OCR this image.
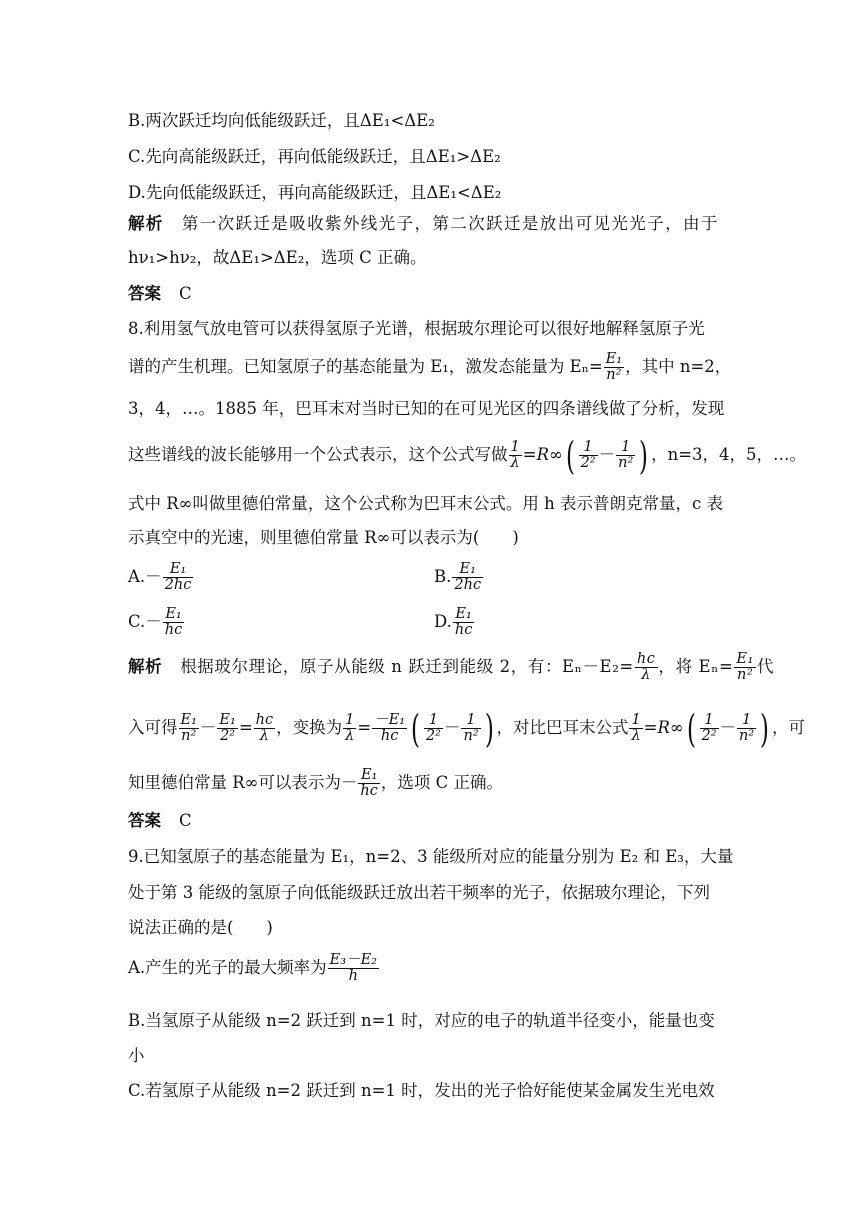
B.两次跃迁均向低能级跃迁，且ΔE₁<ΔE₂
C.先向高能级跃迁，再向低能级跃迁，且ΔE₁>ΔE₂
D.先向低能级跃迁，再向高能级跃迁，且ΔE₁<ΔE₂
解析 第一次跃迁是吸收紫外线光子，第二次跃迁是放出可见光光子，由于
hν₁>hν₂，故ΔE₁>ΔE₂，选项 C 正确。
答案 C
8.利用氢气放电管可以获得氢原子光谱，根据玻尔理论可以很好地解释氢原子光
谱的产生机理。已知氢原子的基态能量为 E₁，激发态能量为 $E_n= \frac{\text{E₁}}{\text{n²}}$ ，其中 n=2，
3，4，…。1885 年，巴耳末对当时已知的在可见光区的四条谱线做了分析，发现
这些谱线的波长能够用一个公式表示，这个公式写做 $\frac{1}{\lambda} =R\infty( \frac{1}{\text{2²}} - \frac{1}{\text{n²}}$ ) ，n=3，4，5，…。
式中 R∞叫做里德伯常量，这个公式称为巴耳末公式。用 h 表示普朗克常量，c 表
示真空中的光速，则里德伯常量 R∞可以表示为(　　)
$A.- \frac{\text{E₁}}{2hc}$	B. $\frac{\text{E₁}}{2hc}$
$C.- \frac{\text{E₁}}{hc}$	D. $\frac{\text{E₁}}{hc}$
解析 根据玻尔理论，原子从能级 n 跃迁到能级 2，有：$E_n-E_2= \frac{hc}{\lambda}$ ，将 $E_n= \frac{\text{E₁}}{\text{n²}}$ 代
入可得 $\frac{\text{E₁}}{\text{n²}} - \frac{\text{E₁}}{\text{2²}} = \frac{hc}{\lambda}$ ，变换为 $\frac{1}{\lambda} = \frac{\text{－E₁}}{hc}$ ( $\frac{1}{\text{2²}} - \frac{1}{\text{n²}}$ ) ，对比巴耳末公式 $\frac{1}{\lambda} =R\infty( \frac{1}{\text{2²}} - \frac{1}{\text{n²}}$ ) ，可
知里德伯常量 R∞可以表示为－ $\frac{\text{E₁}}{hc}$ ，选项 C 正确。
答案 C
9.已知氢原子的基态能量为 E₁，n=2、3 能级所对应的能量分别为 E₂ 和 E₃，大量
处于第 3 能级的氢原子向低能级跃迁放出若干频率的光子，依据玻尔理论，下列
说法正确的是(　　)
A.产生的光子的最大频率为 $\frac{\text{E₃－E₂}}{h}$
B.当氢原子从能级 n=2 跃迁到 n=1 时，对应的电子的轨道半径变小，能量也变
小
C.若氢原子从能级 n=2 跃迁到 n=1 时，发出的光子恰好能使某金属发生光电效
